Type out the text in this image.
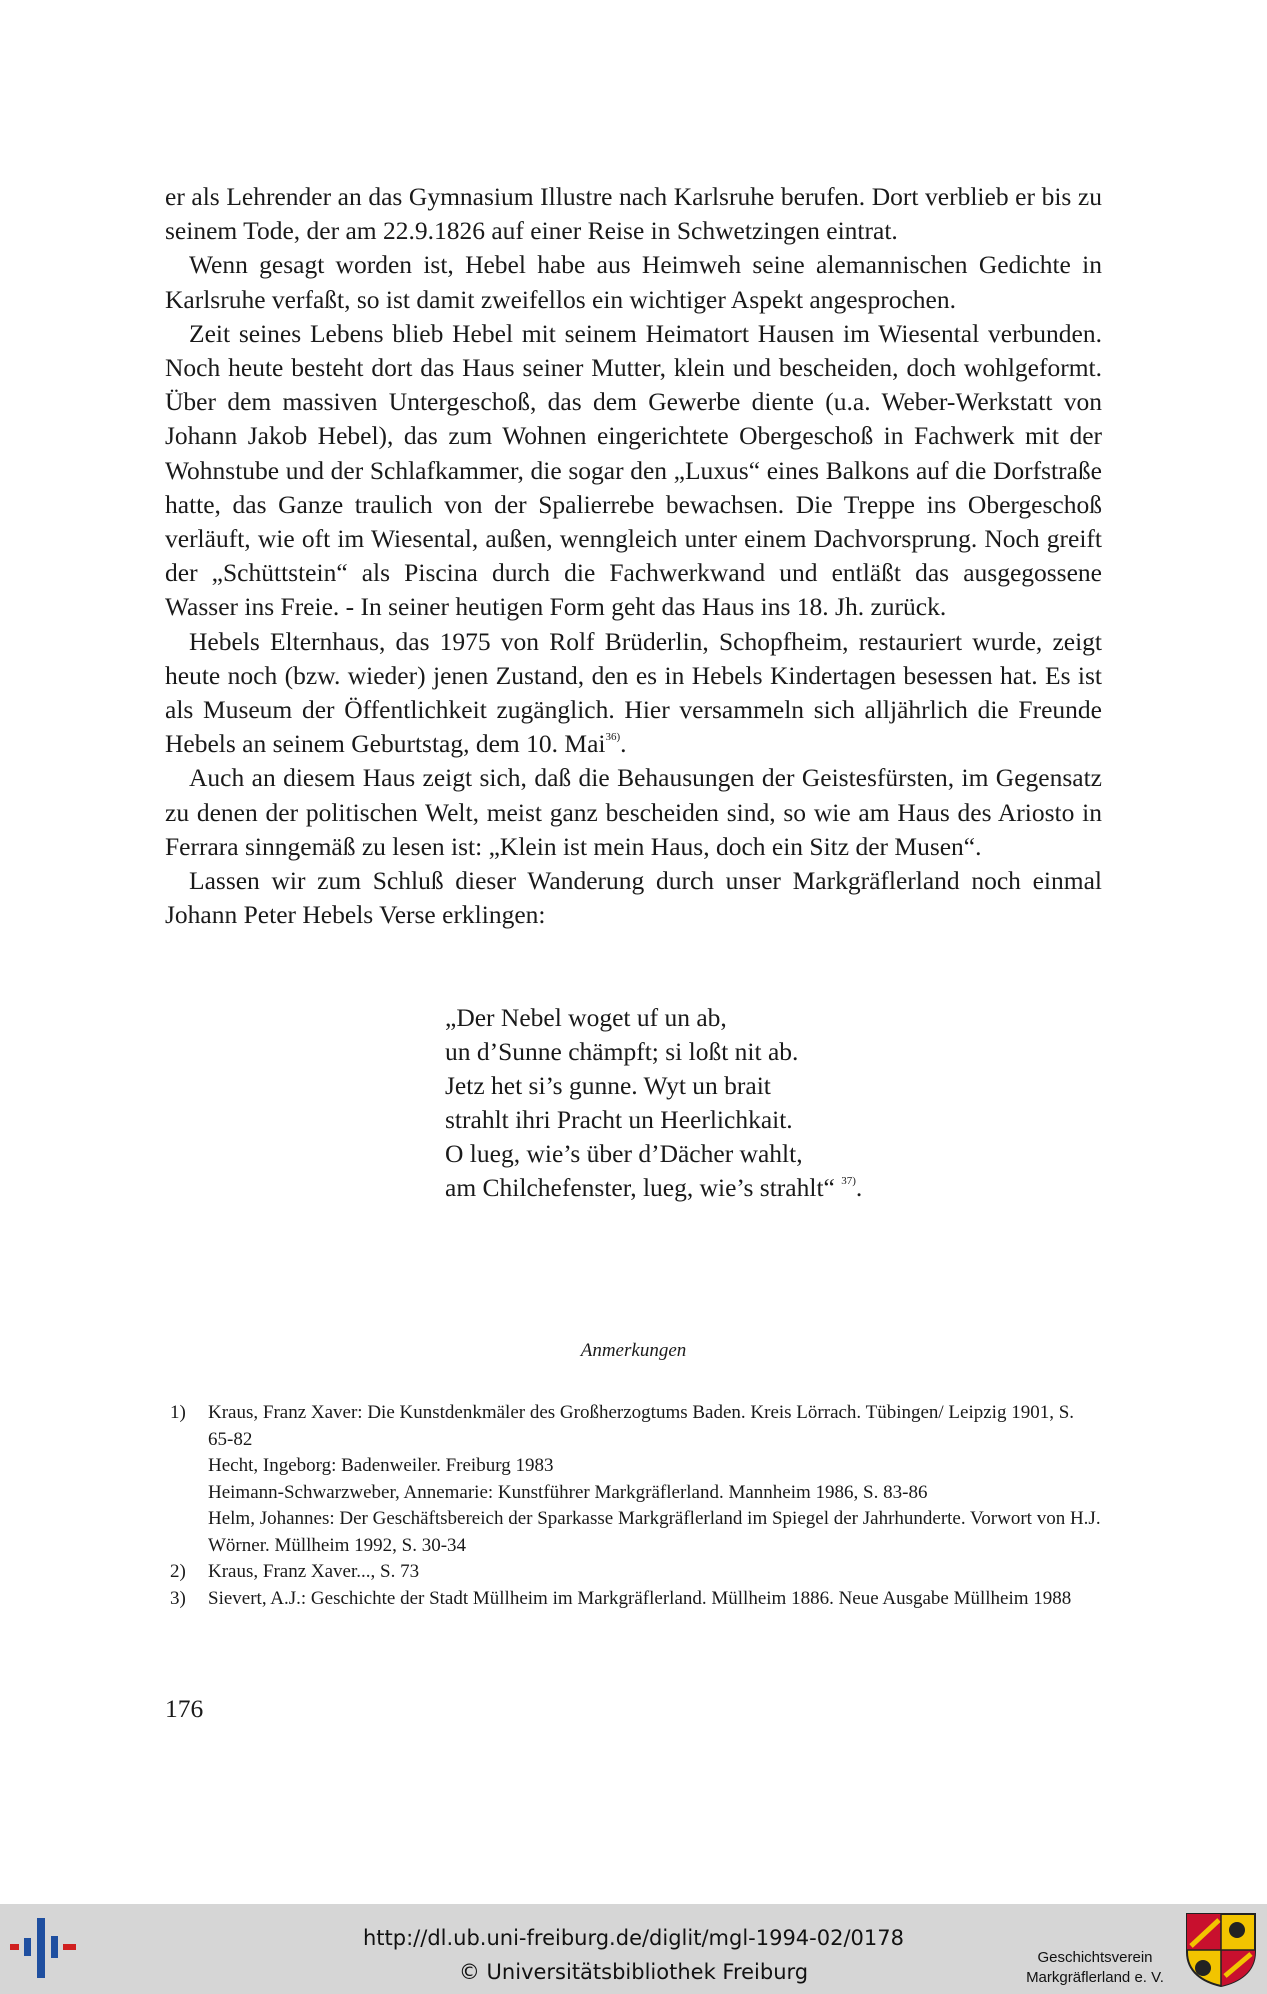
er als Lehrender an das Gymnasium Illustre nach Karlsruhe berufen. Dort verblieb er bis zu seinem Tode, der am 22.9.1826 auf einer Reise in Schwetzingen eintrat.

Wenn gesagt worden ist, Hebel habe aus Heimweh seine alemannischen Gedichte in Karlsruhe verfaßt, so ist damit zweifellos ein wichtiger Aspekt angesprochen.

Zeit seines Lebens blieb Hebel mit seinem Heimatort Hausen im Wiesental verbunden. Noch heute besteht dort das Haus seiner Mutter, klein und bescheiden, doch wohlgeformt. Über dem massiven Untergeschoß, das dem Gewerbe diente (u.a. Weber-Werkstatt von Johann Jakob Hebel), das zum Wohnen eingerichtete Obergeschoß in Fachwerk mit der Wohnstube und der Schlafkammer, die sogar den „Luxus“ eines Balkons auf die Dorfstraße hatte, das Ganze traulich von der Spalierrebe bewachsen. Die Treppe ins Obergeschoß verläuft, wie oft im Wiesental, außen, wenngleich unter einem Dachvorsprung. Noch greift der „Schüttstein“ als Piscina durch die Fachwerkwand und entläßt das ausgegossene Wasser ins Freie. - In seiner heutigen Form geht das Haus ins 18. Jh. zurück.

Hebels Elternhaus, das 1975 von Rolf Brüderlin, Schopfheim, restauriert wurde, zeigt heute noch (bzw. wieder) jenen Zustand, den es in Hebels Kindertagen besessen hat. Es ist als Museum der Öffentlichkeit zugänglich. Hier versammeln sich alljährlich die Freunde Hebels an seinem Geburtstag, dem 10. Mai$^{36)}$.

Auch an diesem Haus zeigt sich, daß die Behausungen der Geistesfürsten, im Gegensatz zu denen der politischen Welt, meist ganz bescheiden sind, so wie am Haus des Ariosto in Ferrara sinngemäß zu lesen ist: „Klein ist mein Haus, doch ein Sitz der Musen“.

Lassen wir zum Schluß dieser Wanderung durch unser Markgräflerland noch einmal Johann Peter Hebels Verse erklingen:

„Der Nebel woget uf un ab,
un d’Sunne chämpft; si loßt nit ab.
Jetz het si’s gunne. Wyt un brait
strahlt ihri Pracht un Heerlichkait.
O lueg, wie’s über d’Dächer wahlt,
am Chilchefenster, lueg, wie’s strahlt“ $^{37)}$.
Anmerkungen
1) Kraus, Franz Xaver: Die Kunstdenkmäler des Großherzogtums Baden. Kreis Lörrach. Tübingen/ Leipzig 1901, S. 65-82

Hecht, Ingeborg: Badenweiler. Freiburg 1983

Heimann-Schwarzweber, Annemarie: Kunstführer Markgräflerland. Mannheim 1986, S. 83-86

Helm, Johannes: Der Geschäftsbereich der Sparkasse Markgräflerland im Spiegel der Jahrhunderte. Vorwort von H.J. Wörner. Müllheim 1992, S. 30-34

2) Kraus, Franz Xaver..., S. 73

3) Sievert, A.J.: Geschichte der Stadt Müllheim im Markgräflerland. Müllheim 1886. Neue Ausgabe Müllheim 1988

176
http://dl.ub.uni-freiburg.de/diglit/mgl-1994-02/0178
© Universitätsbibliothek Freiburg
Geschichtsverein
Markgräflerland e. V.
